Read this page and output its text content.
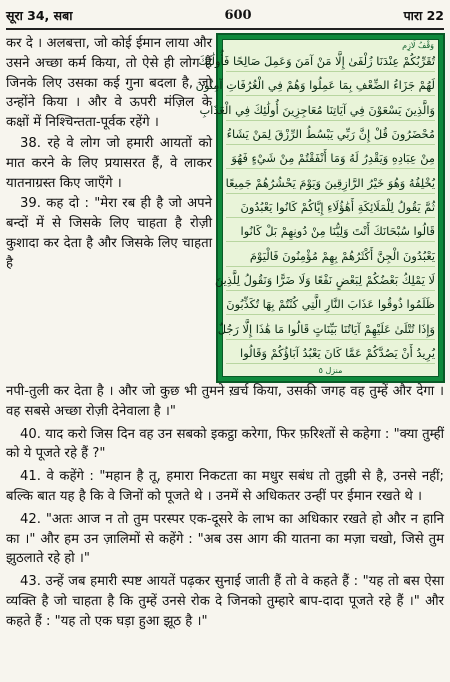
सूरा 34, सबा	600	पारा 22

कर दे । अलबत्ता, जो कोई ईमान लाया और उसने अच्छा कर्म किया, तो ऐसे ही लोग हैं जिनके लिए उसका कई गुना बदला है, जो उन्होंने किया । और वे ऊपरी मंज़िल के कक्षों में निश्चिन्तता-पूर्वक रहेंगे ।

38. रहे वे लोग जो हमारी आयतों को मात करने के लिए प्रयासरत हैं, वे लाकर यातनाग्रस्त किए जाएँगे ।

39. कह दो : "मेरा रब ही है जो अपने बन्दों में से जिसके लिए चाहता है रोज़ी कुशादा कर देता है और जिसके लिए चाहता है

وَقْفُ لَازِم
تُقَرِّبُكُمْ عِنْدَنَا زُلْفَىٰ إِلَّا مَنْ آمَنَ وَعَمِلَ صَالِحًا فَأُولَٰئِكَ
لَهُمْ جَزَاءُ الضِّعْفِ بِمَا عَمِلُوا وَهُمْ فِي الْغُرُفَاتِ آمِنُونَ
وَالَّذِينَ يَسْعَوْنَ فِي آيَاتِنَا مُعَاجِزِينَ أُولَٰئِكَ فِي الْعَذَابِ
مُحْضَرُونَ قُلْ إِنَّ رَبِّي يَبْسُطُ الرِّزْقَ لِمَنْ يَشَاءُ
مِنْ عِبَادِهِ وَيَقْدِرُ لَهُ وَمَا أَنْفَقْتُمْ مِنْ شَيْءٍ فَهُوَ
يُخْلِفُهُ وَهُوَ خَيْرُ الرَّازِقِينَ وَيَوْمَ يَحْشُرُهُمْ جَمِيعًا
ثُمَّ يَقُولُ لِلْمَلَائِكَةِ أَهَٰؤُلَاءِ إِيَّاكُمْ كَانُوا يَعْبُدُونَ
قَالُوا سُبْحَانَكَ أَنْتَ وَلِيُّنَا مِنْ دُونِهِمْ بَلْ كَانُوا
يَعْبُدُونَ الْجِنَّ أَكْثَرُهُمْ بِهِمْ مُؤْمِنُونَ فَالْيَوْمَ
لَا يَمْلِكُ بَعْضُكُمْ لِبَعْضٍ نَفْعًا وَلَا ضَرًّا وَنَقُولُ لِلَّذِينَ
ظَلَمُوا ذُوقُوا عَذَابَ النَّارِ الَّتِي كُنْتُمْ بِهَا تُكَذِّبُونَ
وَإِذَا تُتْلَىٰ عَلَيْهِمْ آيَاتُنَا بَيِّنَاتٍ قَالُوا مَا هَٰذَا إِلَّا رَجُلٌ
يُرِيدُ أَنْ يَصُدَّكُمْ عَمَّا كَانَ يَعْبُدُ آبَاؤُكُمْ وَقَالُوا
منزل ٥

नपी-तुली कर देता है । और जो कुछ भी तुमने ख़र्च किया, उसकी जगह वह तुम्हें और देगा । वह सबसे अच्छा रोज़ी देनेवाला है ।"

40. याद करो जिस दिन वह उन सबको इकट्ठा करेगा, फिर फ़रिश्तों से कहेगा : "क्या तुम्हीं को ये पूजते रहे हैं ?"

41. वे कहेंगे : "महान है तू, हमारा निकटता का मधुर सबंध तो तुझी से है, उनसे नहीं; बल्कि बात यह है कि वे जिनों को पूजते थे । उनमें से अधिकतर उन्हीं पर ईमान रखते थे ।

42. "अतः आज न तो तुम परस्पर एक-दूसरे के लाभ का अधिकार रखते हो और न हानि का ।" और हम उन ज़ालिमों से कहेंगे : "अब उस आग की यातना का मज़ा चखो, जिसे तुम झुठलाते रहे हो ।"

43. उन्हें जब हमारी स्पष्ट आयतें पढ़कर सुनाई जाती हैं तो वे कहते हैं : "यह तो बस ऐसा व्यक्ति है जो चाहता है कि तुम्हें उनसे रोक दे जिनको तुम्हारे बाप-दादा पूजते रहे हैं ।" और कहते हैं : "यह तो एक घड़ा हुआ झूठ है ।"
